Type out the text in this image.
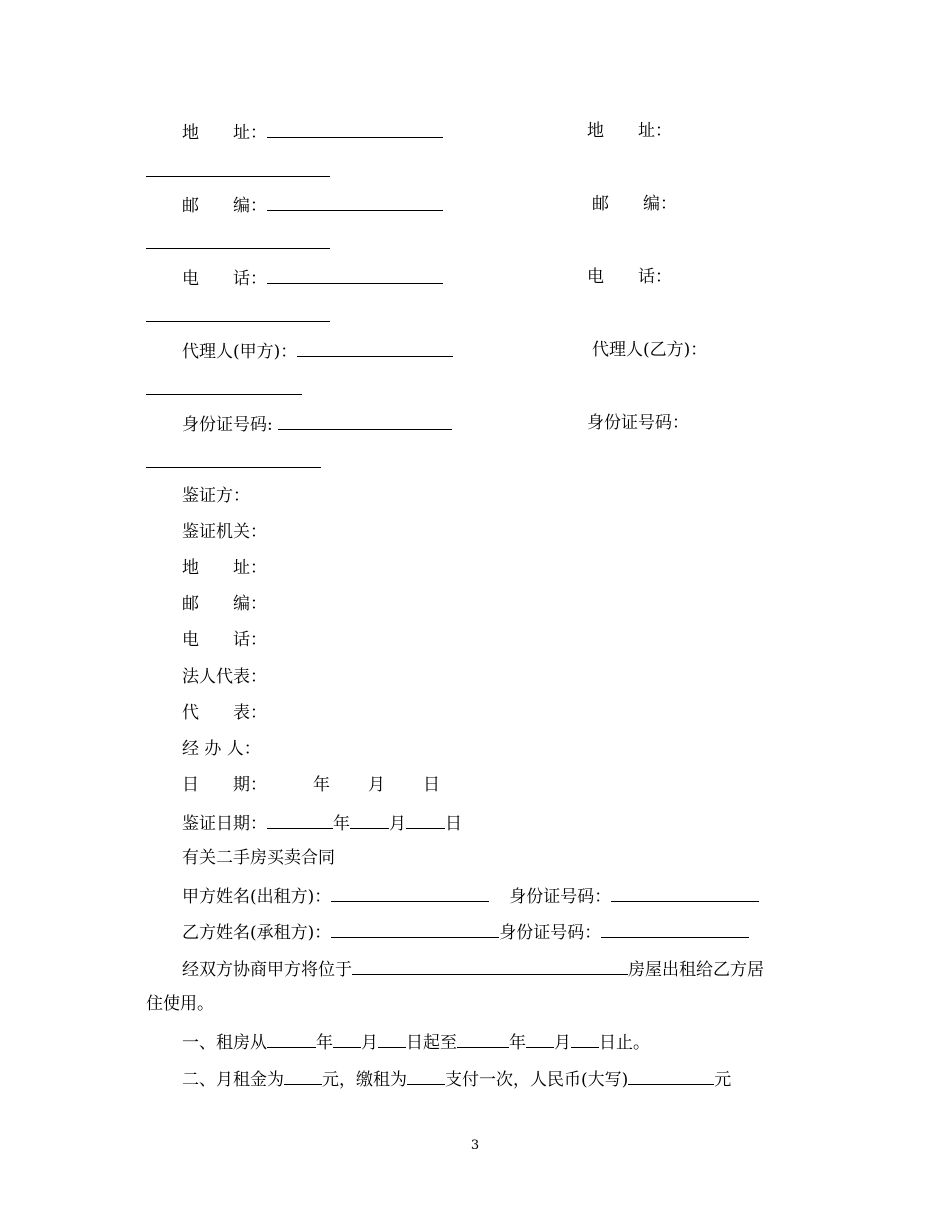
地　　址：	地　　址：
邮　　编：	邮　　编：
电　　话：	电　　话：
代理人(甲方)：	代理人(乙方)：
身份证号码:	身份证号码：
鉴证方：
鉴证机关：
地　　址：
邮　　编：
电　　话：
法人代表：
代　　表：
经 办 人：
日　　期：	年 月 日
鉴证日期：	年 月 日
有关二手房买卖合同
甲方姓名(出租方)：	身份证号码：
乙方姓名(承租方)：	身份证号码：
经双方协商甲方将位于	房屋出租给乙方居
住使用。
一、租房从	年 月 日起至	年 月 日止。
二、月租金为 元，缴租为 支付一次，人民币(大写)	元
3
